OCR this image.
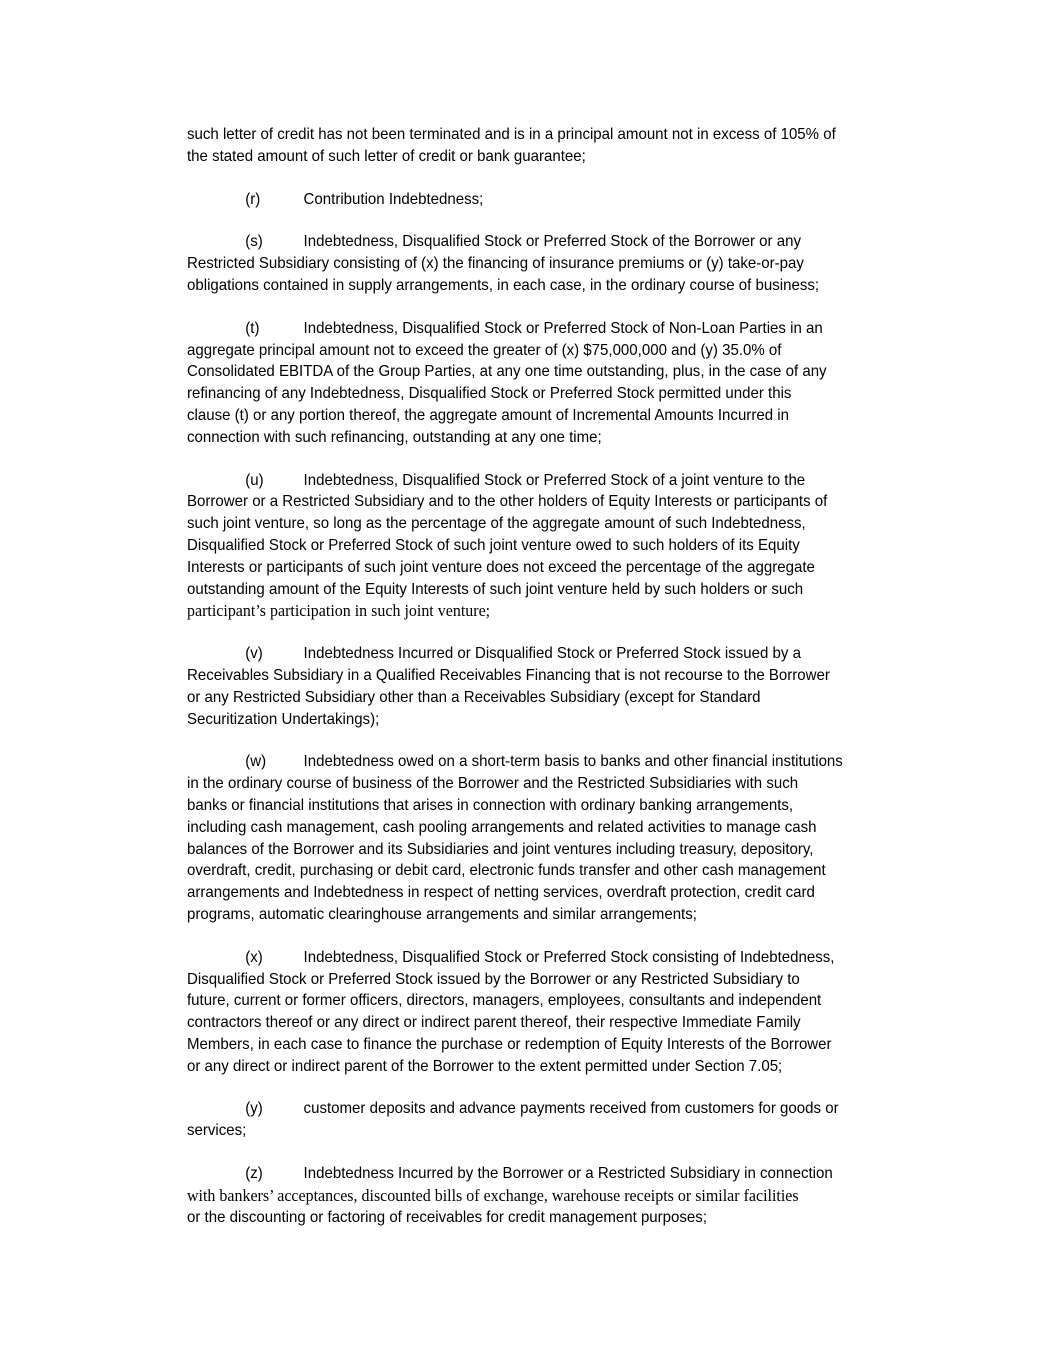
such letter of credit has not been terminated and is in a principal amount not in excess of 105% of
the stated amount of such letter of credit or bank guarantee;
(r)	Contribution Indebtedness;
(s)	Indebtedness, Disqualified Stock or Preferred Stock of the Borrower or any
Restricted Subsidiary consisting of (x) the financing of insurance premiums or (y) take-or-pay
obligations contained in supply arrangements, in each case, in the ordinary course of business;
(t)	Indebtedness, Disqualified Stock or Preferred Stock of Non-Loan Parties in an
aggregate principal amount not to exceed the greater of (x) $75,000,000 and (y) 35.0% of
Consolidated EBITDA of the Group Parties, at any one time outstanding, plus, in the case of any
refinancing of any Indebtedness, Disqualified Stock or Preferred Stock permitted under this
clause (t) or any portion thereof, the aggregate amount of Incremental Amounts Incurred in
connection with such refinancing, outstanding at any one time;
(u) Indebtedness, Disqualified Stock or Preferred Stock of a joint venture to the
Borrower or a Restricted Subsidiary and to the other holders of Equity Interests or participants of
such joint venture, so long as the percentage of the aggregate amount of such Indebtedness,
Disqualified Stock or Preferred Stock of such joint venture owed to such holders of its Equity
Interests or participants of such joint venture does not exceed the percentage of the aggregate
outstanding amount of the Equity Interests of such joint venture held by such holders or such
participant’s participation in such joint venture;
(v)	Indebtedness Incurred or Disqualified Stock or Preferred Stock issued by a
Receivables Subsidiary in a Qualified Receivables Financing that is not recourse to the Borrower
or any Restricted Subsidiary other than a Receivables Subsidiary (except for Standard
Securitization Undertakings);
(w) Indebtedness owed on a short-term basis to banks and other financial institutions
in the ordinary course of business of the Borrower and the Restricted Subsidiaries with such
banks or financial institutions that arises in connection with ordinary banking arrangements,
including cash management, cash pooling arrangements and related activities to manage cash
balances of the Borrower and its Subsidiaries and joint ventures including treasury, depository,
overdraft, credit, purchasing or debit card, electronic funds transfer and other cash management
arrangements and Indebtedness in respect of netting services, overdraft protection, credit card
programs, automatic clearinghouse arrangements and similar arrangements;
(x)	Indebtedness, Disqualified Stock or Preferred Stock consisting of Indebtedness,
Disqualified Stock or Preferred Stock issued by the Borrower or any Restricted Subsidiary to
future, current or former officers, directors, managers, employees, consultants and independent
contractors thereof or any direct or indirect parent thereof, their respective Immediate Family
Members, in each case to finance the purchase or redemption of Equity Interests of the Borrower
or any direct or indirect parent of the Borrower to the extent permitted under Section 7.05;
(y)	customer deposits and advance payments received from customers for goods or
services;
(z)	Indebtedness Incurred by the Borrower or a Restricted Subsidiary in connection
with bankers’ acceptances, discounted bills of exchange, warehouse receipts or similar facilities
or the discounting or factoring of receivables for credit management purposes;
